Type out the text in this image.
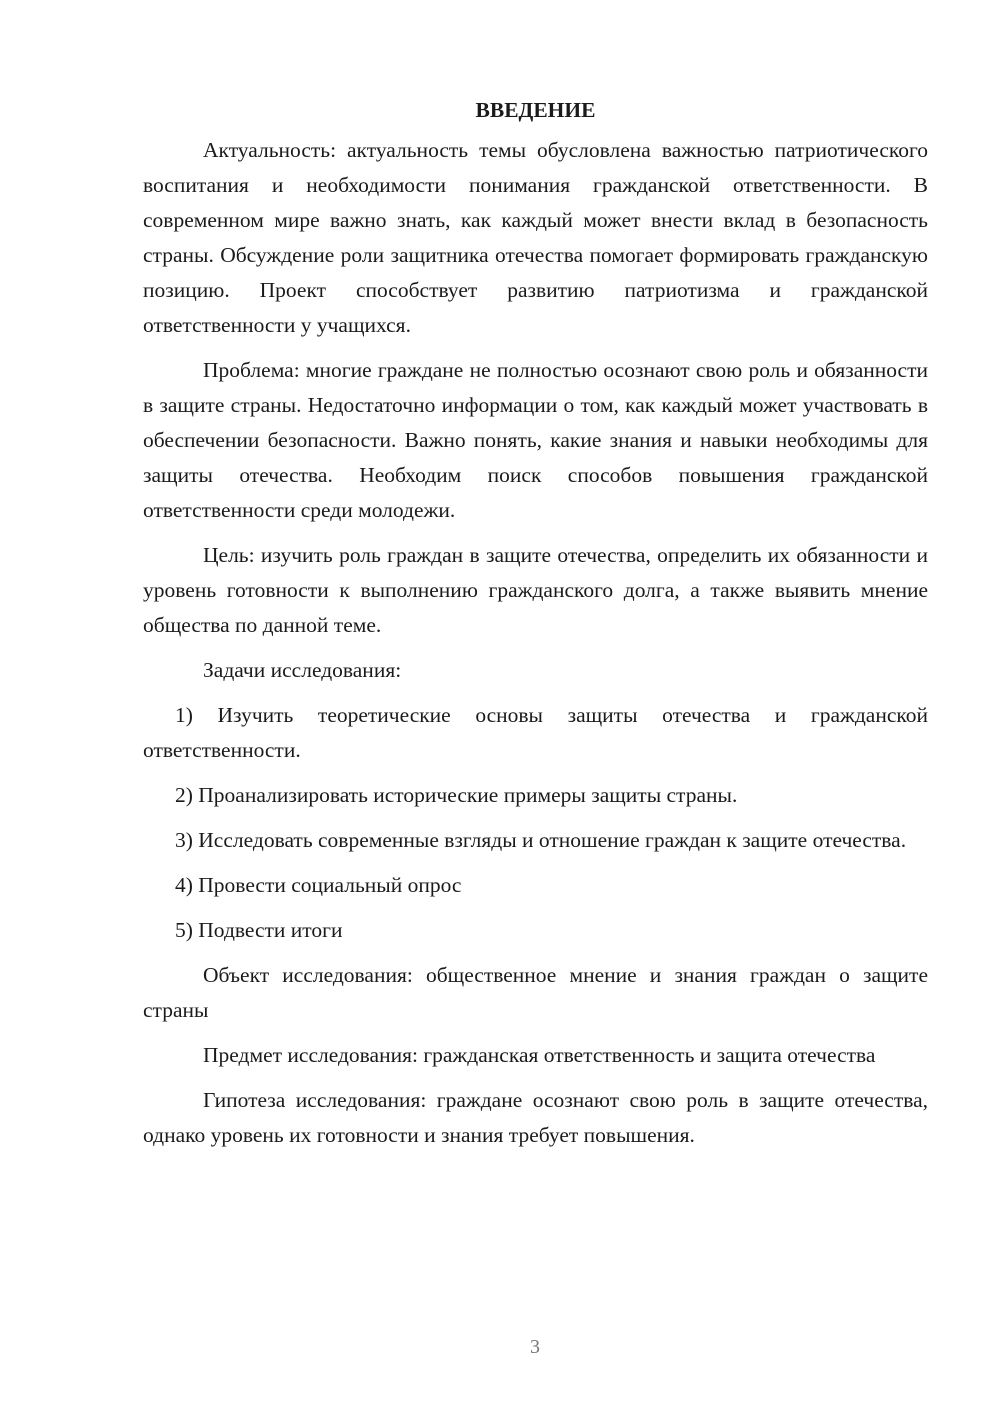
ВВЕДЕНИЕ

Актуальность: актуальность темы обусловлена важностью патриотического воспитания и необходимости понимания гражданской ответственности. В современном мире важно знать, как каждый может внести вклад в безопасность страны. Обсуждение роли защитника отечества помогает формировать гражданскую позицию. Проект способствует развитию патриотизма и гражданской ответственности у учащихся.

Проблема: многие граждане не полностью осознают свою роль и обязанности в защите страны. Недостаточно информации о том, как каждый может участвовать в обеспечении безопасности. Важно понять, какие знания и навыки необходимы для защиты отечества. Необходим поиск способов повышения гражданской ответственности среди молодежи.

Цель: изучить роль граждан в защите отечества, определить их обязанности и уровень готовности к выполнению гражданского долга, а также выявить мнение общества по данной теме.

Задачи исследования:

1) Изучить теоретические основы защиты отечества и гражданской ответственности.

2) Проанализировать исторические примеры защиты страны.

3) Исследовать современные взгляды и отношение граждан к защите отечества.

4) Провести социальный опрос

5) Подвести итоги

Объект исследования: общественное мнение и знания граждан о защите страны

Предмет исследования: гражданская ответственность и защита отечества

Гипотеза исследования: граждане осознают свою роль в защите отечества, однако уровень их готовности и знания требует повышения.

3
